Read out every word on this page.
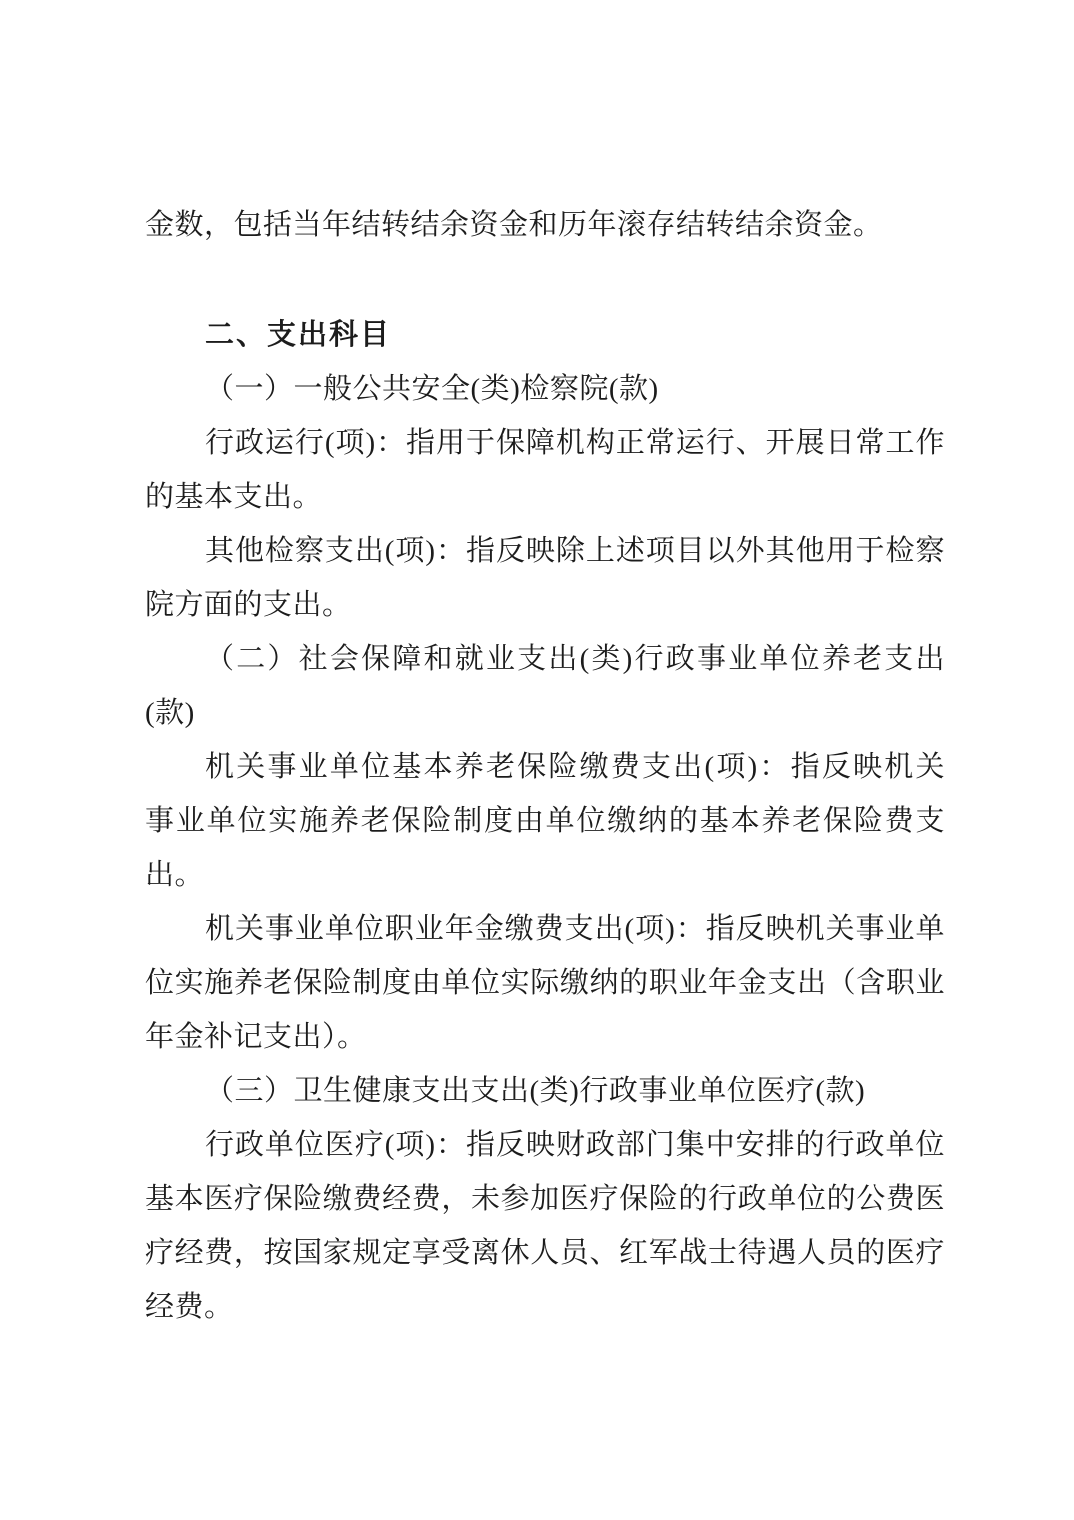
金数，包括当年结转结余资金和历年滚存结转结余资金。
二、支出科目
（一）一般公共安全(类)检察院(款)
行政运行(项)：指用于保障机构正常运行、开展日常工作
的基本支出。
其他检察支出(项)：指反映除上述项目以外其他用于检察
院方面的支出。
（二）社会保障和就业支出(类)行政事业单位养老支出
(款)
机关事业单位基本养老保险缴费支出(项)：指反映机关
事业单位实施养老保险制度由单位缴纳的基本养老保险费支
出。
机关事业单位职业年金缴费支出(项)：指反映机关事业单
位实施养老保险制度由单位实际缴纳的职业年金支出（含职业
年金补记支出）。
（三）卫生健康支出支出(类)行政事业单位医疗(款)
行政单位医疗(项)：指反映财政部门集中安排的行政单位
基本医疗保险缴费经费，未参加医疗保险的行政单位的公费医
疗经费，按国家规定享受离休人员、红军战士待遇人员的医疗
经费。
